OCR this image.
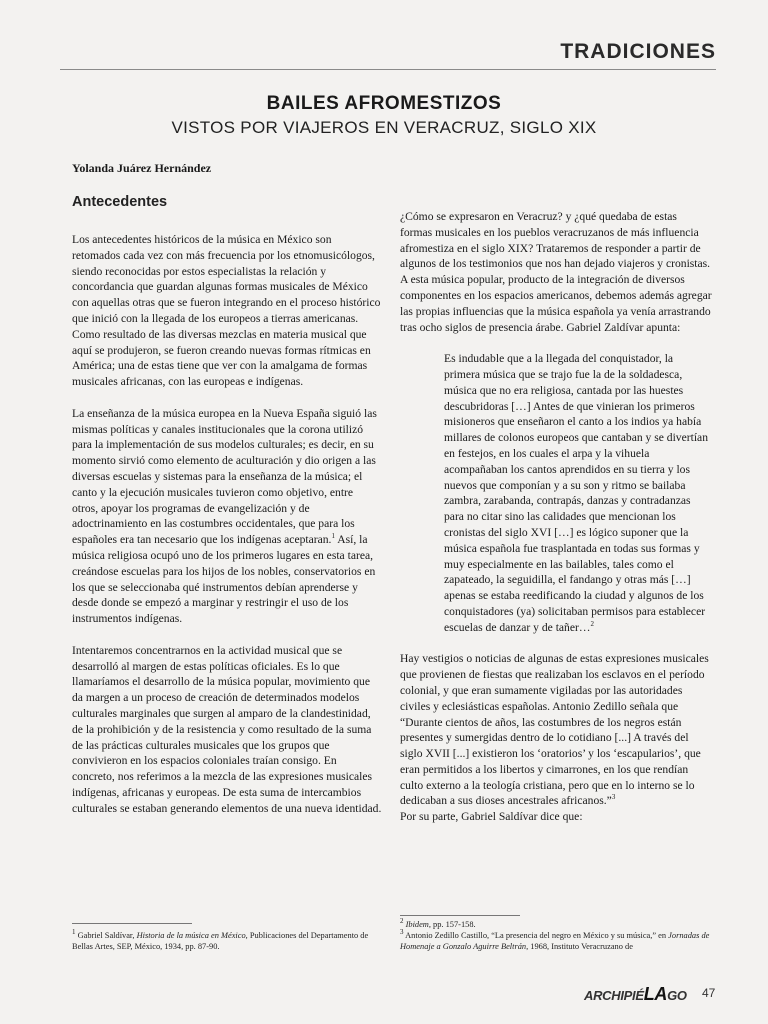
TRADICIONES
BAILES AFROMESTIZOS
VISTOS POR VIAJEROS EN VERACRUZ, SIGLO XIX
Yolanda Juárez Hernández
Antecedentes

Los antecedentes históricos de la música en México son retomados cada vez con más frecuencia por los etnomusicólogos, siendo reconocidas por estos especialistas la relación y concordancia que guardan algunas formas musicales de México con aquellas otras que se fueron integrando en el proceso histórico que inició con la llegada de los europeos a tierras americanas. Como resultado de las diversas mezclas en materia musical que aquí se produjeron, se fueron creando nuevas formas rítmicas en América; una de estas tiene que ver con la amalgama de formas musicales africanas, con las europeas e indígenas.

La enseñanza de la música europea en la Nueva España siguió las mismas políticas y canales institucionales que la corona utilizó para la implementación de sus modelos culturales; es decir, en su momento sirvió como elemento de aculturación y dio origen a las diversas escuelas y sistemas para la enseñanza de la música; el canto y la ejecución musicales tuvieron como objetivo, entre otros, apoyar los programas de evangelización y de adoctrinamiento en las costumbres occidentales, que para los españoles era tan necesario que los indígenas aceptaran.$^1$ Así, la música religiosa ocupó uno de los primeros lugares en esta tarea, creándose escuelas para los hijos de los nobles, conservatorios en los que se seleccionaba qué instrumentos debían aprenderse y desde donde se empezó a marginar y restringir el uso de los instrumentos indígenas.

Intentaremos concentrarnos en la actividad musical que se desarrolló al margen de estas políticas oficiales. Es lo que llamaríamos el desarrollo de la música popular, movimiento que da margen a un proceso de creación de determinados modelos culturales marginales que surgen al amparo de la clandestinidad, de la prohibición y de la resistencia y como resultado de la suma de las prácticas culturales musicales que los grupos que convivieron en los espacios coloniales traían consigo. En concreto, nos referimos a la mezcla de las expresiones musicales indígenas, africanas y europeas. De esta suma de intercambios culturales se estaban generando elementos de una nueva identidad.

¿Cómo se expresaron en Veracruz? y ¿qué quedaba de estas formas musicales en los pueblos veracruzanos de más influencia afromestiza en el siglo XIX? Trataremos de responder a partir de algunos de los testimonios que nos han dejado viajeros y cronistas. A esta música popular, producto de la integración de diversos componentes en los espacios americanos, debemos además agregar las propias influencias que la música española ya venía arrastrando tras ocho siglos de presencia árabe. Gabriel Zaldívar apunta:

Es indudable que a la llegada del conquistador, la primera música que se trajo fue la de la soldadesca, música que no era religiosa, cantada por las huestes descubridoras […] Antes de que vinieran los primeros misioneros que enseñaron el canto a los indios ya había millares de colonos europeos que cantaban y se divertían en festejos, en los cuales el arpa y la vihuela acompañaban los cantos aprendidos en su tierra y los nuevos que componían y a su son y ritmo se bailaba zambra, zarabanda, contrapás, danzas y contradanzas para no citar sino las calidades que mencionan los cronistas del siglo XVI […] es lógico suponer que la música española fue trasplantada en todas sus formas y muy especialmente en las bailables, tales como el zapateado, la seguidilla, el fandango y otras más […] apenas se estaba reedificando la ciudad y algunos de los conquistadores (ya) solicitaban permisos para establecer escuelas de danzar y de tañer…$^2$

Hay vestigios o noticias de algunas de estas expresiones musicales que provienen de fiestas que realizaban los esclavos en el período colonial, y que eran sumamente vigiladas por las autoridades civiles y eclesiásticas españolas. Antonio Zedillo señala que “Durante cientos de años, las costumbres de los negros están presentes y sumergidas dentro de lo cotidiano [...] A través del siglo XVII [...] existieron los ‘oratorios’ y los ‘escapularios’, que eran permitidos a los libertos y cimarrones, en los que rendían culto externo a la teología cristiana, pero que en lo interno se lo dedicaban a sus dioses ancestrales africanos.”$^3$

Por su parte, Gabriel Saldívar dice que:

$^1$ Gabriel Saldívar, Historia de la música en México, Publicaciones del Departamento de Bellas Artes, SEP, México, 1934, pp. 87-90.

$^2$ Ibidem, pp. 157-158.

$^3$ Antonio Zedillo Castillo, “La presencia del negro en México y su música,” en Jornadas de Homenaje a Gonzalo Aguirre Beltrán, 1968, Instituto Veracruzano de

ARCHIPIÉLAGO 47
